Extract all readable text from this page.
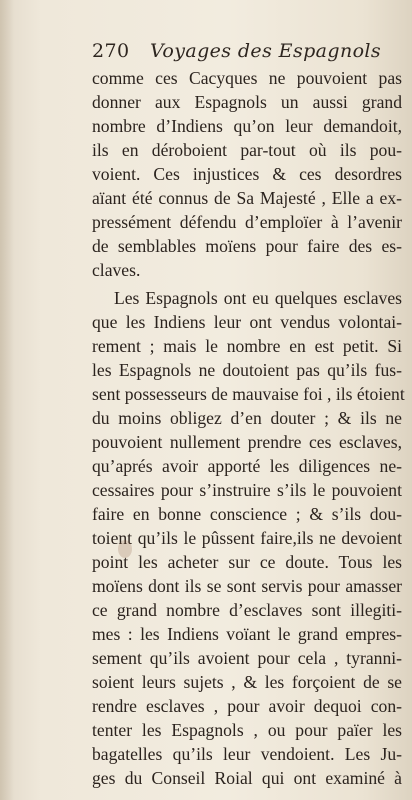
270 Voyages des Espagnols
comme ces Cacyques ne pouvoient pas
donner aux Espagnols un aussi grand
nombre d’Indiens qu’on leur demandoit,
ils en déroboient par-tout où ils pou-
voient. Ces injustices & ces desordres
aïant été connus de Sa Majesté , Elle a ex-
pressément défendu d’emploïer à l’avenir
de semblables moïens pour faire des es-
claves.
Les Espagnols ont eu quelques esclaves
que les Indiens leur ont vendus volontai-
rement ; mais le nombre en est petit. Si
les Espagnols ne doutoient pas qu’ils fus-
sent possesseurs de mauvaise foi , ils étoient
du moins obligez d’en douter ; & ils ne
pouvoient nullement prendre ces esclaves,
qu’aprés avoir apporté les diligences ne-
cessaires pour s’instruire s’ils le pouvoient
faire en bonne conscience ; & s’ils dou-
toient qu’ils le pûssent faire,ils ne devoient
point les acheter sur ce doute. Tous les
moïens dont ils se sont servis pour amasser
ce grand nombre d’esclaves sont illegiti-
mes : les Indiens voïant le grand empres-
sement qu’ils avoient pour cela , tyranni-
soient leurs sujets , & les forçoient de se
rendre esclaves , pour avoir dequoi con-
tenter les Espagnols , ou pour païer les
bagatelles qu’ils leur vendoient. Les Ju-
ges du Conseil Roial qui ont examiné à
